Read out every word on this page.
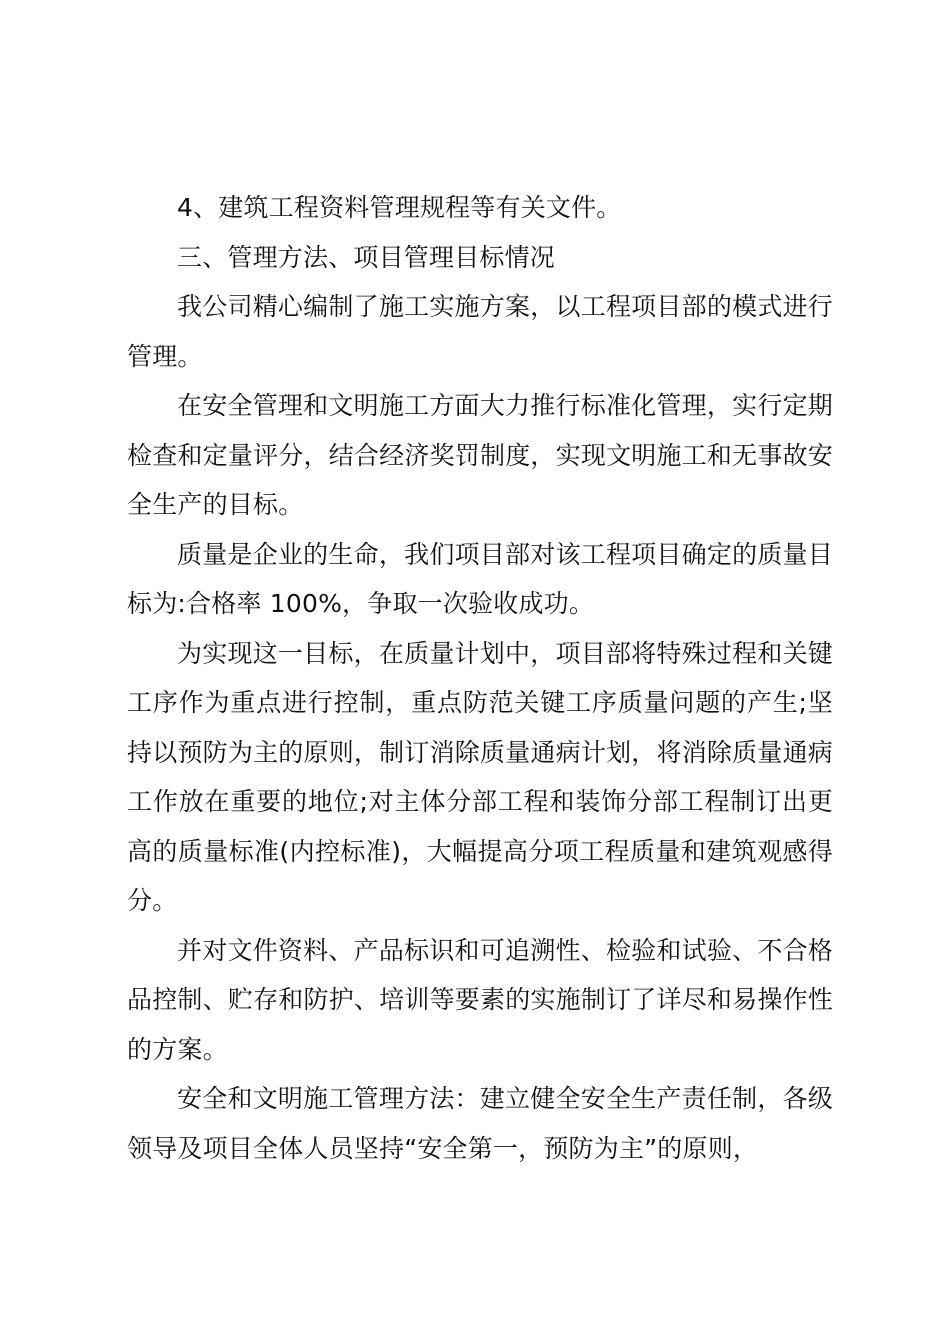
4、建筑工程资料管理规程等有关文件。

三、管理方法、项目管理目标情况

我公司精心编制了施工实施方案，以工程项目部的模式进行管理。

在安全管理和文明施工方面大力推行标准化管理，实行定期检查和定量评分，结合经济奖罚制度，实现文明施工和无事故安全生产的目标。

质量是企业的生命，我们项目部对该工程项目确定的质量目标为:合格率 100%，争取一次验收成功。

为实现这一目标，在质量计划中，项目部将特殊过程和关键工序作为重点进行控制，重点防范关键工序质量问题的产生;坚持以预防为主的原则，制订消除质量通病计划，将消除质量通病工作放在重要的地位;对主体分部工程和装饰分部工程制订出更高的质量标准(内控标准)，大幅提高分项工程质量和建筑观感得分。

并对文件资料、产品标识和可追溯性、检验和试验、不合格品控制、贮存和防护、培训等要素的实施制订了详尽和易操作性的方案。

安全和文明施工管理方法：建立健全安全生产责任制，各级领导及项目全体人员坚持“安全第一，预防为主”的原则，
